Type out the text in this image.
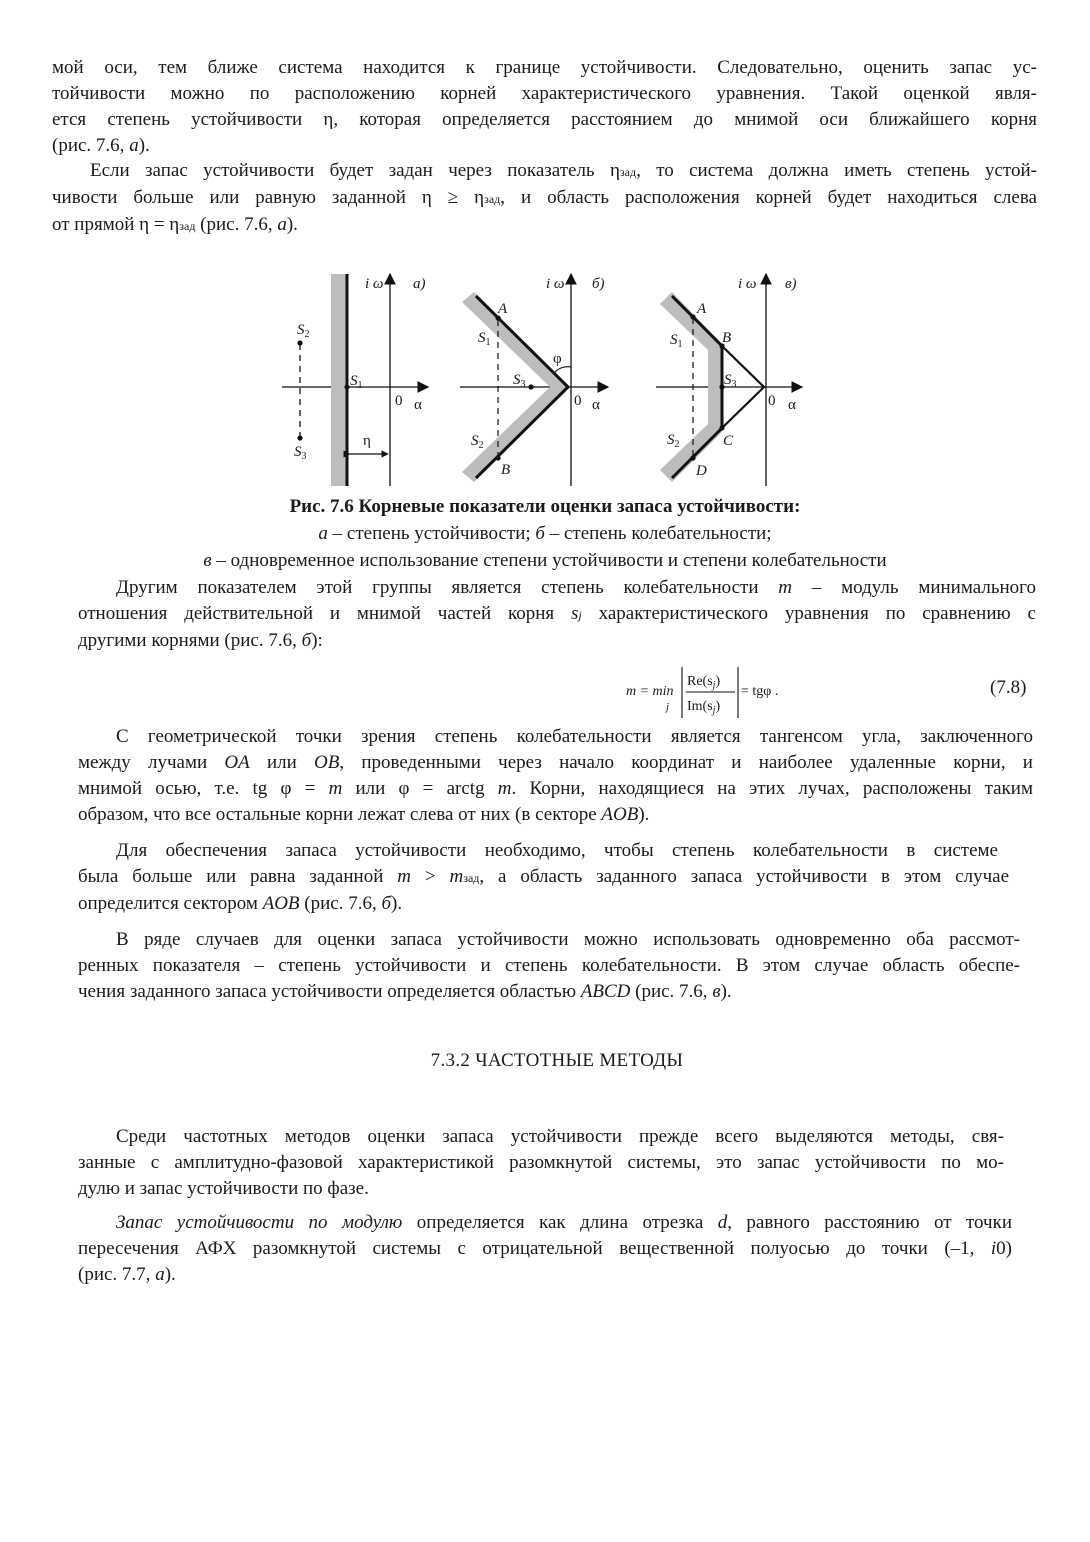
мой оси, тем ближе система находится к границе устойчивости. Следовательно, оценить запас ус-
тойчивости можно по расположению корней характеристического уравнения. Такой оценкой явля-
ется степень устойчивости η, которая определяется расстоянием до мнимой оси ближайшего корня
(рис. 7.6, а).
Если запас устойчивости будет задан через показатель ηзад, то система должна иметь степень устой-
чивости больше или равную заданной η ≥ ηзад, и область расположения корней будет находиться слева
от прямой η = ηзад (рис. 7.6, а).
η
i ω а)
0 α
$S_1$
$S_2$
$S_3$
φ
A
B
i ω б)
0 α
$S_1$
$S_3$
$S_2$
A
B
C
D
i ω в)
0 α
$S_1$
$S_3$
$S_2$
Рис. 7.6 Корневые показатели оценки запаса устойчивости:
а – степень устойчивости; б – степень колебательности;
в – одновременное использование степени устойчивости и степени колебательности
Другим показателем этой группы является степень колебательности m – модуль минимального
отношения действительной и мнимой частей корня sj характеристического уравнения по сравнению с
другими корнями (рис. 7.6, б):
m = min
j
$Re(s_j)$
$Im(s_j)$
= tgφ .	(7.8)
С геометрической точки зрения степень колебательности является тангенсом угла, заключенного
между лучами OA или OB, проведенными через начало координат и наиболее удаленные корни, и
мнимой осью, т.е. tg φ = m или φ = arctg m. Корни, находящиеся на этих лучах, расположены таким
образом, что все остальные корни лежат слева от них (в секторе AOB).
Для обеспечения запаса устойчивости необходимо, чтобы степень колебательности в системе
была больше или равна заданной m > mзад, а область заданного запаса устойчивости в этом случае
определится сектором AOB (рис. 7.6, б).
В ряде случаев для оценки запаса устойчивости можно использовать одновременно оба рассмот-
ренных показателя – степень устойчивости и степень колебательности. В этом случае область обеспе-
чения заданного запаса устойчивости определяется областью ABCD (рис. 7.6, в).
7.3.2 ЧАСТОТНЫЕ МЕТОДЫ
Среди частотных методов оценки запаса устойчивости прежде всего выделяются методы, свя-
занные с амплитудно-фазовой характеристикой разомкнутой системы, это запас устойчивости по мо-
дулю и запас устойчивости по фазе.
Запас устойчивости по модулю определяется как длина отрезка d, равного расстоянию от точки
пересечения АФХ разомкнутой системы с отрицательной вещественной полуосью до точки (–1, i0)
(рис. 7.7, а).
